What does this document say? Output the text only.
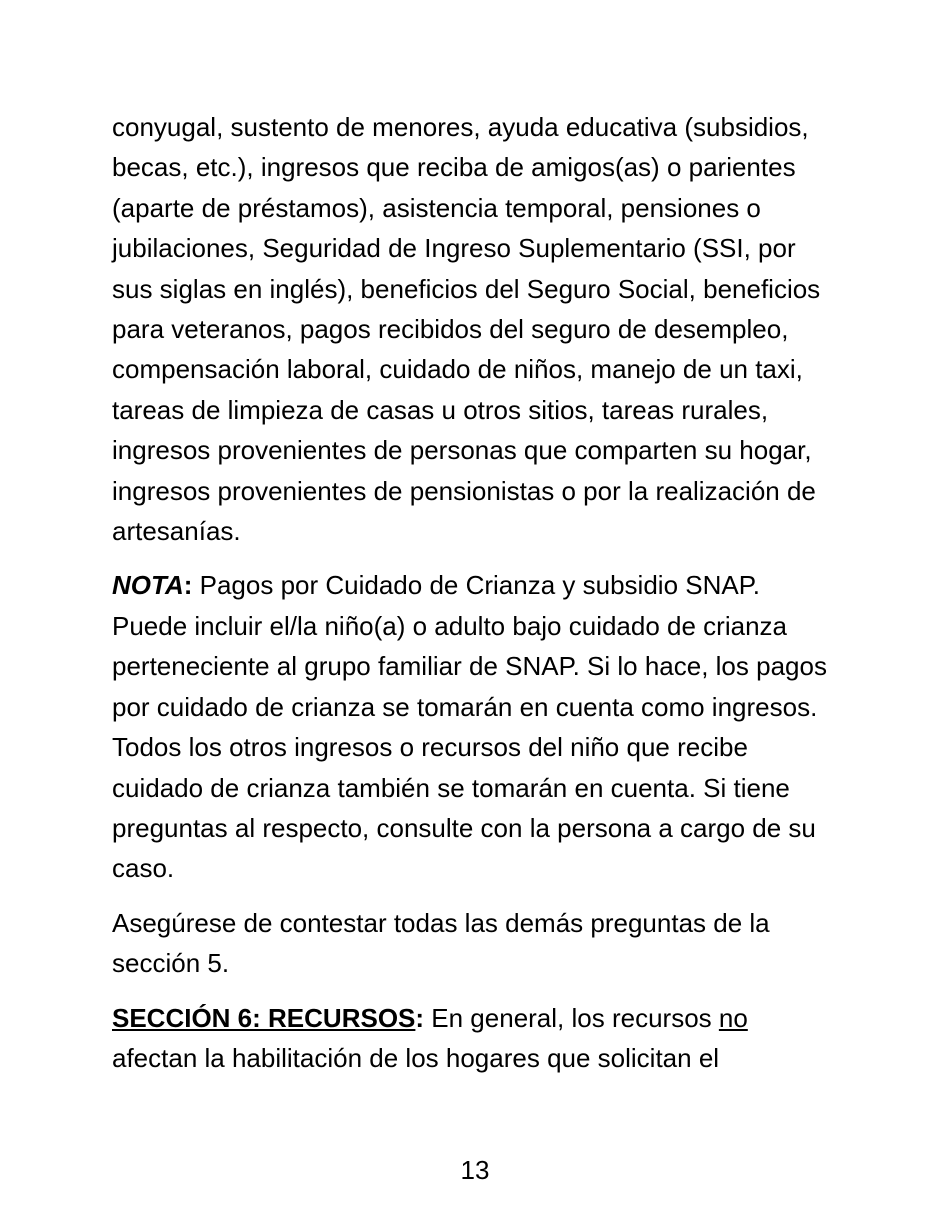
conyugal, sustento de menores, ayuda educativa (subsidios, becas, etc.), ingresos que reciba de amigos(as) o parientes (aparte de préstamos), asistencia temporal, pensiones o jubilaciones, Seguridad de Ingreso Suplementario (SSI, por sus siglas en inglés), beneficios del Seguro Social, beneficios para veteranos, pagos recibidos del seguro de desempleo, compensación laboral, cuidado de niños, manejo de un taxi, tareas de limpieza de casas u otros sitios, tareas rurales, ingresos provenientes de personas que comparten su hogar, ingresos provenientes de pensionistas o por la realización de artesanías.

NOTA: Pagos por Cuidado de Crianza y subsidio SNAP. Puede incluir el/la niño(a) o adulto bajo cuidado de crianza perteneciente al grupo familiar de SNAP. Si lo hace, los pagos por cuidado de crianza se tomarán en cuenta como ingresos. Todos los otros ingresos o recursos del niño que recibe cuidado de crianza también se tomarán en cuenta. Si tiene preguntas al respecto, consulte con la persona a cargo de su caso.

Asegúrese de contestar todas las demás preguntas de la sección 5.

SECCIÓN 6: RECURSOS: En general, los recursos no afectan la habilitación de los hogares que solicitan el

13
